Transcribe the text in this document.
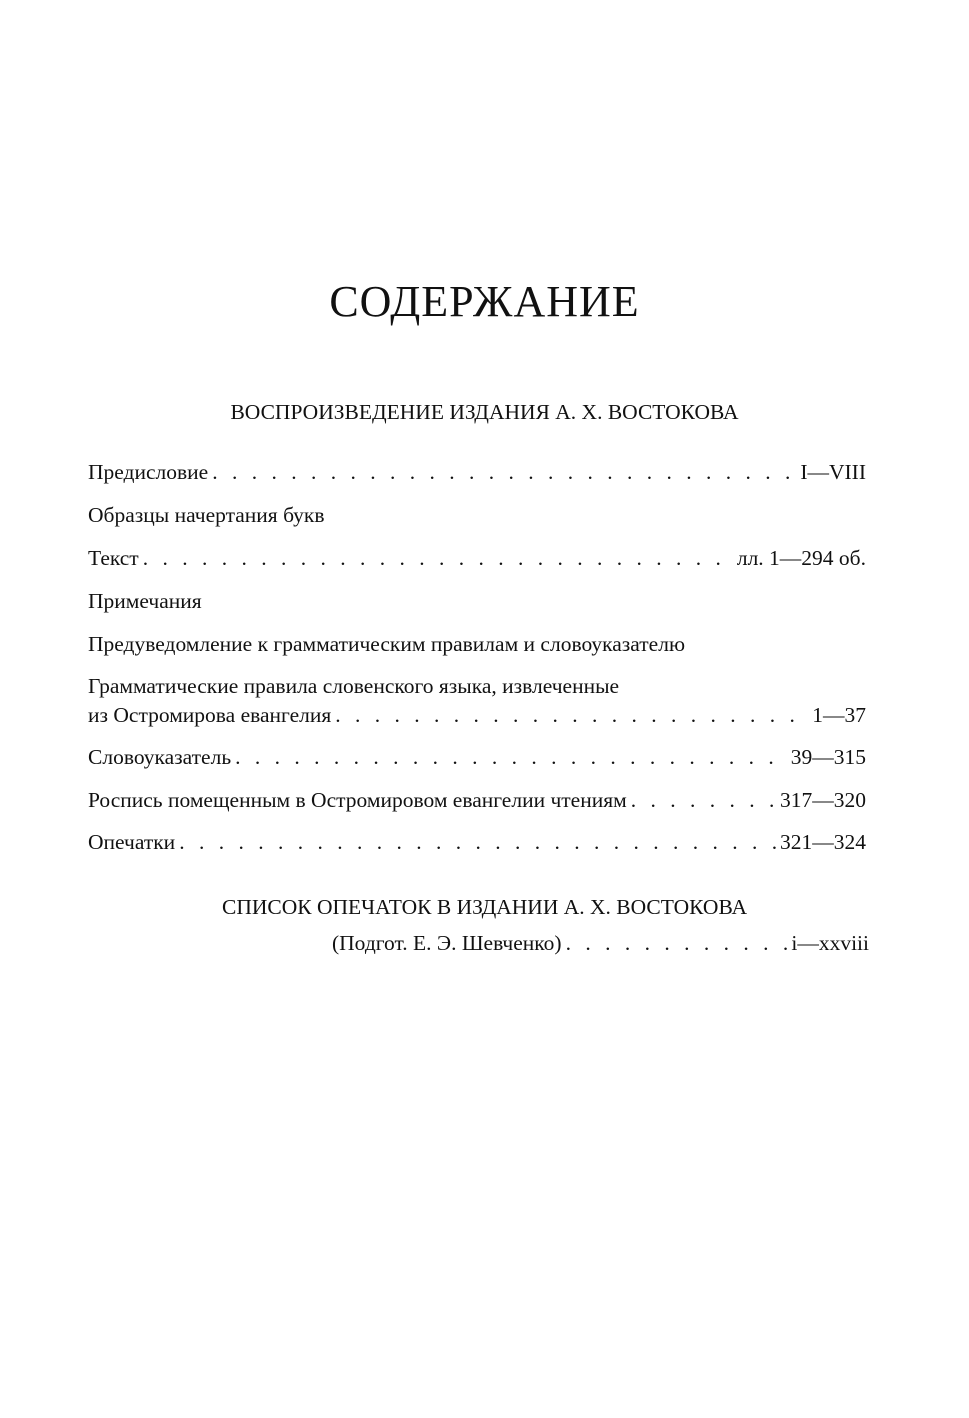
СОДЕРЖАНИЕ
ВОСПРОИЗВЕДЕНИЕ ИЗДАНИЯ А. Х. ВОСТОКОВА
Предисловие . . .	I—VIII
Образцы начертания букв
Текст . . .	лл. 1—294 об.
Примечания
Предуведомление к грамматическим правилам и словоуказателю
Грамматические правила словенского языка, извлеченные
из Остромирова евангелия . . .	1—37
Словоуказатель . . .	39—315
Роспись помещенным в Остромировом евангелии чтениям . . .	317—320
Опечатки . . .	321—324
СПИСОК ОПЕЧАТОК В ИЗДАНИИ А. Х. ВОСТОКОВА
(Подгот. Е. Э. Шевченко) . . .	i—xxviii
